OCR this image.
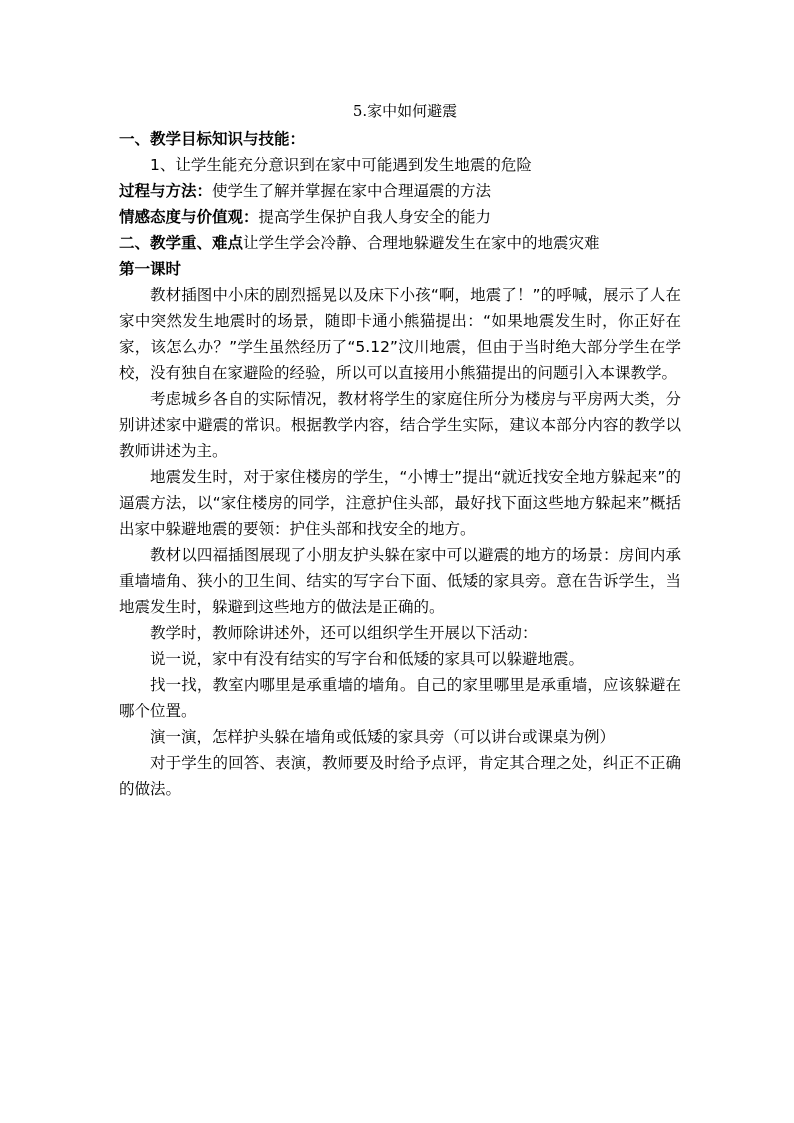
5.家中如何避震
一、教学目标知识与技能：
1、让学生能充分意识到在家中可能遇到发生地震的危险
过程与方法：使学生了解并掌握在家中合理逼震的方法
情感态度与价值观：提高学生保护自我人身安全的能力
二、教学重、难点让学生学会冷静、合理地躲避发生在家中的地震灾难
第一课时

教材插图中小床的剧烈摇晃以及床下小孩“啊，地震了！”的呼喊，展示了人在家中突然发生地震时的场景，随即卡通小熊猫提出：“如果地震发生时，你正好在家，该怎么办？”学生虽然经历了“5.12”汶川地震，但由于当时绝大部分学生在学校，没有独自在家避险的经验，所以可以直接用小熊猫提出的问题引入本课教学。

考虑城乡各自的实际情况，教材将学生的家庭住所分为楼房与平房两大类，分别讲述家中避震的常识。根据教学内容，结合学生实际，建议本部分内容的教学以教师讲述为主。

地震发生时，对于家住楼房的学生，“小博士”提出“就近找安全地方躲起来”的逼震方法，以“家住楼房的同学，注意护住头部，最好找下面这些地方躲起来”概括出家中躲避地震的要领：护住头部和找安全的地方。

教材以四福插图展现了小朋友护头躲在家中可以避震的地方的场景：房间内承重墙墙角、狭小的卫生间、结实的写字台下面、低矮的家具旁。意在告诉学生，当地震发生时，躲避到这些地方的做法是正确的。

教学时，教师除讲述外，还可以组织学生开展以下活动：

说一说，家中有没有结实的写字台和低矮的家具可以躲避地震。

找一找，教室内哪里是承重墙的墙角。自己的家里哪里是承重墙，应该躲避在哪个位置。

演一演，怎样护头躲在墙角或低矮的家具旁（可以讲台或课桌为例）

对于学生的回答、表演，教师要及时给予点评，肯定其合理之处，纠正不正确的做法。
